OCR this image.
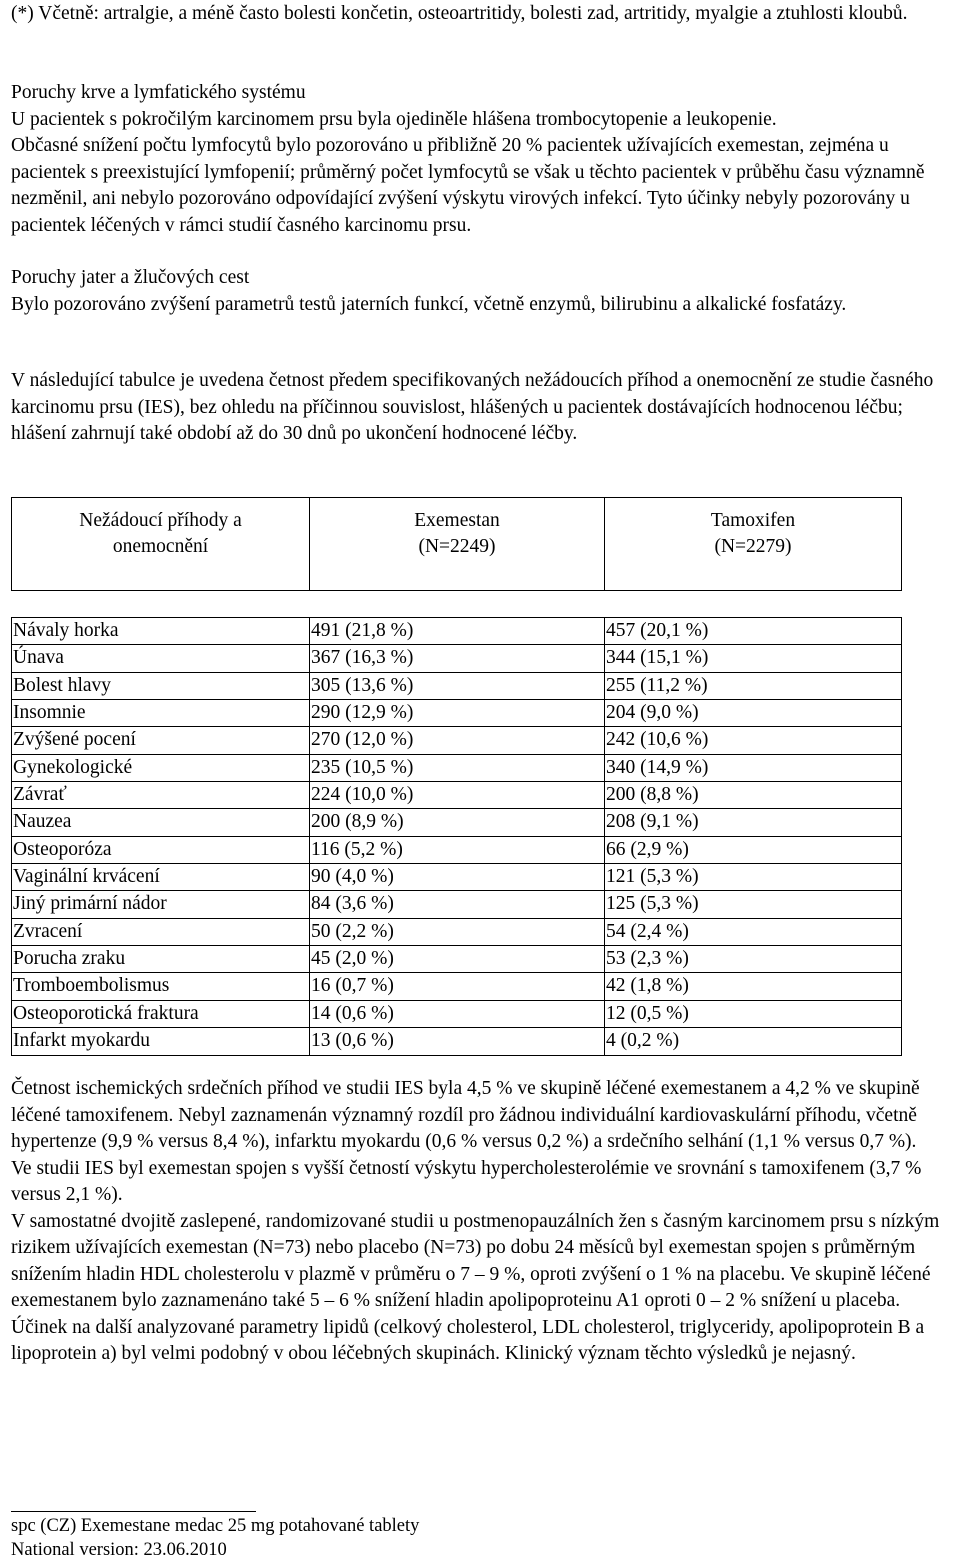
(*) Včetně: artralgie, a méně často bolesti končetin, osteoartritidy, bolesti zad, artritidy, myalgie a ztuhlosti kloubů.

Poruchy krve a lymfatického systému

U pacientek s pokročilým karcinomem prsu byla ojediněle hlášena trombocytopenie a leukopenie.

Občasné snížení počtu lymfocytů bylo pozorováno u přibližně 20 % pacientek užívajících exemestan, zejména u pacientek s preexistující lymfopenií; průměrný počet lymfocytů se však u těchto pacientek v průběhu času významně nezměnil, ani nebylo pozorováno odpovídající zvýšení výskytu virových infekcí. Tyto účinky nebyly pozorovány u pacientek léčených v rámci studií časného karcinomu prsu.

Poruchy jater a žlučových cest

Bylo pozorováno zvýšení parametrů testů jaterních funkcí, včetně enzymů, bilirubinu a alkalické fosfatázy.

V následující tabulce je uvedena četnost předem specifikovaných nežádoucích příhod a onemocnění ze studie časného karcinomu prsu (IES), bez ohledu na příčinnou souvislost, hlášených u pacientek dostávajících hodnocenou léčbu; hlášení zahrnují také období až do 30 dnů po ukončení hodnocené léčby.

Nežádoucí příhody a onemocnění	Exemestan (N=2249)	Tamoxifen (N=2279)

Návaly horka	491 (21,8 %)	457 (20,1 %)
Únava	367 (16,3 %)	344 (15,1 %)
Bolest hlavy	305 (13,6 %)	255 (11,2 %)
Insomnie	290 (12,9 %)	204 (9,0 %)
Zvýšené pocení	270 (12,0 %)	242 (10,6 %)
Gynekologické	235 (10,5 %)	340 (14,9 %)
Závrať	224 (10,0 %)	200 (8,8 %)
Nauzea	200 (8,9 %)	208 (9,1 %)
Osteoporóza	116 (5,2 %)	66 (2,9 %)
Vaginální krvácení	90 (4,0 %)	121 (5,3 %)
Jiný primární nádor	84 (3,6 %)	125 (5,3 %)
Zvracení	50 (2,2 %)	54 (2,4 %)
Porucha zraku	45 (2,0 %)	53 (2,3 %)
Tromboembolismus	16 (0,7 %)	42 (1,8 %)
Osteoporotická fraktura	14 (0,6 %)	12 (0,5 %)
Infarkt myokardu	13 (0,6 %)	4 (0,2 %)

Četnost ischemických srdečních příhod ve studii IES byla 4,5 % ve skupině léčené exemestanem a 4,2 % ve skupině léčené tamoxifenem. Nebyl zaznamenán významný rozdíl pro žádnou individuální kardiovaskulární příhodu, včetně hypertenze (9,9 % versus 8,4 %), infarktu myokardu (0,6 % versus 0,2 %) a srdečního selhání (1,1 % versus 0,7 %).

Ve studii IES byl exemestan spojen s vyšší četností výskytu hypercholesterolémie ve srovnání s tamoxifenem (3,7 % versus 2,1 %).

V samostatné dvojitě zaslepené, randomizované studii u postmenopauzálních žen s časným karcinomem prsu s nízkým rizikem užívajících exemestan (N=73) nebo placebo (N=73) po dobu 24 měsíců byl exemestan spojen s průměrným snížením hladin HDL cholesterolu v plazmě v průměru o 7 – 9 %, oproti zvýšení o 1 % na placebu. Ve skupině léčené exemestanem bylo zaznamenáno také 5 – 6 % snížení hladin apolipoproteinu A1 oproti 0 – 2 % snížení u placeba. Účinek na další analyzované parametry lipidů (celkový cholesterol, LDL cholesterol, triglyceridy, apolipoprotein B a lipoprotein a) byl velmi podobný v obou léčebných skupinách. Klinický význam těchto výsledků je nejasný.

spc (CZ) Exemestane medac 25 mg potahované tablety
National version: 23.06.2010
